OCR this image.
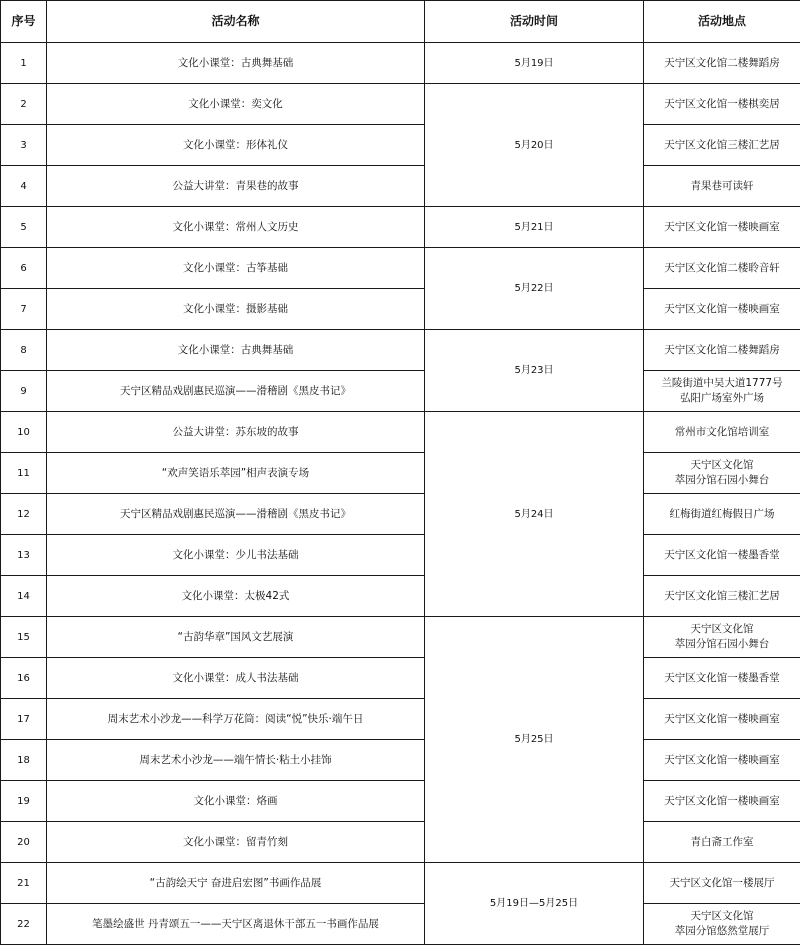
序号	活动名称	活动时间	活动地点
1	文化小课堂：古典舞基础	5月19日	天宁区文化馆二楼舞蹈房
2	文化小课堂：奕文化	5月20日	天宁区文化馆一楼棋奕居
3	文化小课堂：形体礼仪		天宁区文化馆三楼汇艺居
4	公益大讲堂：青果巷的故事		青果巷可读轩
5	文化小课堂：常州人文历史	5月21日	天宁区文化馆一楼映画室
6	文化小课堂：古筝基础	5月22日	天宁区文化馆二楼聆音轩
7	文化小课堂：摄影基础		天宁区文化馆一楼映画室
8	文化小课堂：古典舞基础	5月23日	天宁区文化馆二楼舞蹈房
9	天宁区精品戏剧惠民巡演——滑稽剧《黑皮书记》		兰陵街道中吴大道1777号
弘阳广场室外广场
10	公益大讲堂：苏东坡的故事	5月24日	常州市文化馆培训室
11	“欢声笑语乐萃园”相声表演专场		天宁区文化馆
萃园分馆石园小舞台
12	天宁区精品戏剧惠民巡演——滑稽剧《黑皮书记》		红梅街道红梅假日广场
13	文化小课堂：少儿书法基础		天宁区文化馆一楼墨香堂
14	文化小课堂：太极42式		天宁区文化馆三楼汇艺居
15	“古韵华章”国风文艺展演	5月25日	天宁区文化馆
萃园分馆石园小舞台
16	文化小课堂：成人书法基础		天宁区文化馆一楼墨香堂
17	周末艺术小沙龙——科学万花筒：阅读“悦”快乐·端午日		天宁区文化馆一楼映画室
18	周末艺术小沙龙——端午情长·粘土小挂饰		天宁区文化馆一楼映画室
19	文化小课堂：烙画		天宁区文化馆一楼映画室
20	文化小课堂：留青竹刻		青白斋工作室
21	“古韵绘天宁 奋进启宏图”书画作品展	5月19日—5月25日	天宁区文化馆一楼展厅
22	笔墨绘盛世 丹青颂五一——天宁区离退休干部五一书画作品展		天宁区文化馆
萃园分馆悠然堂展厅
